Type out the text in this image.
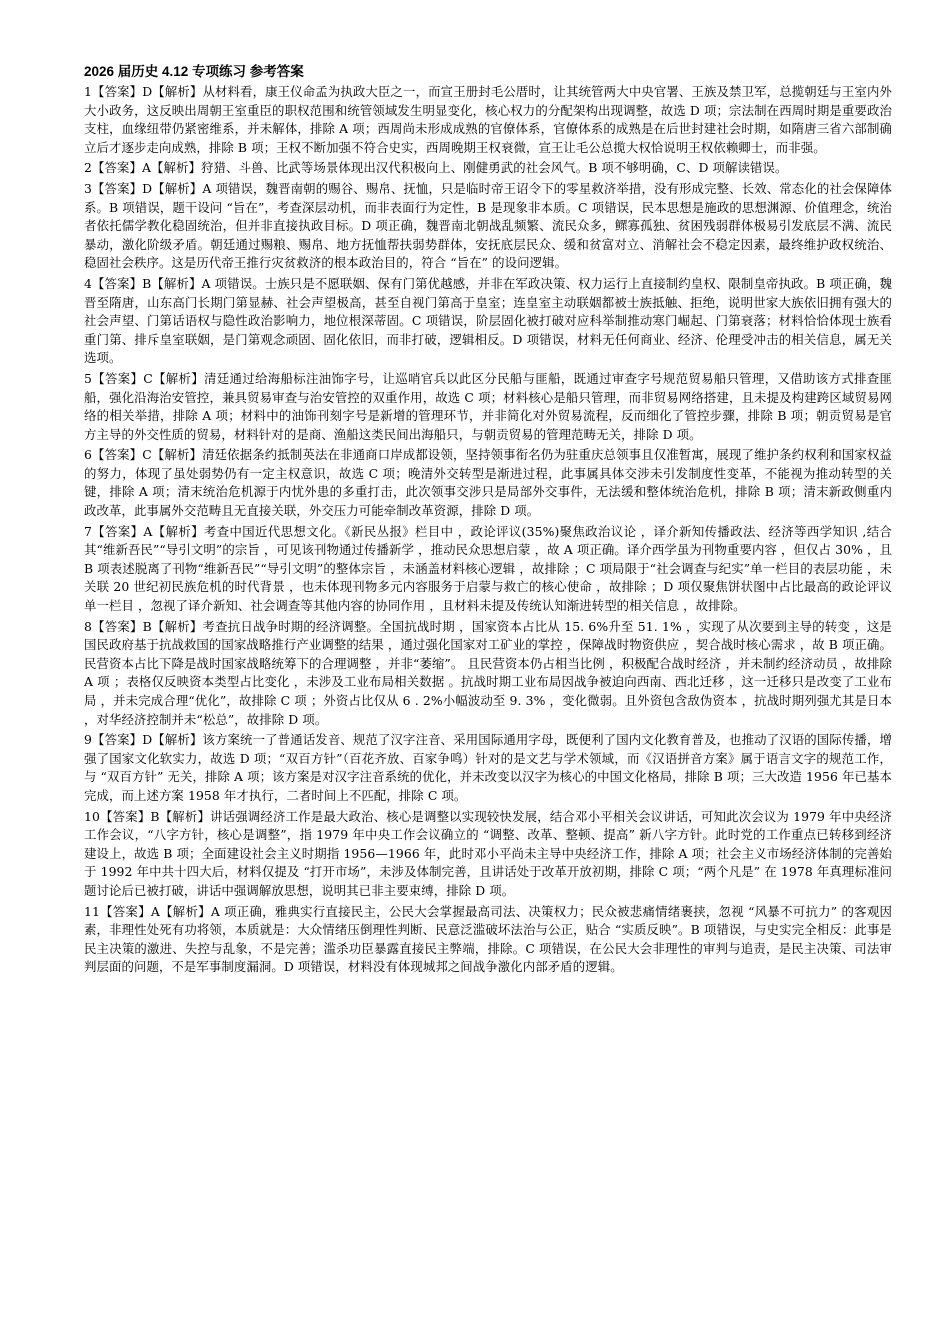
2026 届历史 4.12 专项练习 参考答案

1【答案】D【解析】从材料看，康王仪命孟为执政大臣之一，而宣王册封毛公厝时，让其统管两大中央官署、王族及禁卫军，总揽朝廷与王室内外大小政务，这反映出周朝王室重臣的职权范围和统管领域发生明显变化，核心权力的分配架构出现调整，故选 D 项；宗法制在西周时期是重要政治支柱，血缘纽带仍紧密维系，并未解体，排除 A 项；西周尚未形成成熟的官僚体系，官僚体系的成熟是在后世封建社会时期，如隋唐三省六部制确立后才逐步走向成熟，排除 B 项；王权不断加强不符合史实，西周晚期王权衰微，宣王让毛公总揽大权恰说明王权依赖卿士，而非强。

2【答案】A【解析】狩猎、斗兽、比武等场景体现出汉代积极向上、刚健勇武的社会风气。B 项不够明确，C、D 项解读错误。

3【答案】D【解析】A 项错误，魏晋南朝的赐谷、赐帛、抚恤，只是临时帝王诏令下的零星救济举措，没有形成完整、长效、常态化的社会保障体系。B 项错误，题干设问 “旨在”，考查深层动机，而非表面行为定性，B 是现象非本质。C 项错误，民本思想是施政的思想渊源、价值理念，统治者依托儒学教化稳固统治，但并非直接执政目标。D 项正确，魏晋南北朝战乱频繁、流民众多，鳏寡孤独、贫困残弱群体极易引发底层不满、流民暴动，激化阶级矛盾。朝廷通过赐粮、赐帛、地方抚恤帮扶弱势群体，安抚底层民众、缓和贫富对立、消解社会不稳定因素，最终维护政权统治、稳固社会秩序。这是历代帝王推行灾贫救济的根本政治目的，符合 “旨在” 的设问逻辑。

4【答案】B【解析】A 项错误。士族只是不愿联姻、保有门第优越感，并非在军政决策、权力运行上直接制约皇权、限制皇帝执政。B 项正确，魏晋至隋唐，山东高门长期门第显赫、社会声望极高，甚至自视门第高于皇室；连皇室主动联姻都被士族抵触、拒绝，说明世家大族依旧拥有强大的社会声望、门第话语权与隐性政治影响力，地位根深蒂固。C 项错误，阶层固化被打破对应科举制推动寒门崛起、门第衰落；材料恰恰体现士族看重门第、排斥皇室联姻，是门第观念顽固、固化依旧，而非打破，逻辑相反。D 项错误，材料无任何商业、经济、伦理受冲击的相关信息，属无关选项。

5【答案】C【解析】清廷通过给海船标注油饰字号，让巡哨官兵以此区分民船与匪船，既通过审查字号规范贸易船只管理，又借助该方式排查匪船，强化沿海治安管控，兼具贸易审查与治安管控的双重作用，故选 C 项；材料核心是船只管理，而非贸易网络搭建，且未提及构建跨区域贸易网络的相关举措，排除 A 项；材料中的油饰刊刻字号是新增的管理环节，并非简化对外贸易流程，反而细化了管控步骤，排除 B 项；朝贡贸易是官方主导的外交性质的贸易，材料针对的是商、渔船这类民间出海船只，与朝贡贸易的管理范畴无关，排除 D 项。

6【答案】C【解析】清廷依据条约抵制英法在非通商口岸成都设领，坚持领事衔名仍为驻重庆总领事且仅准暂寓，展现了维护条约权利和国家权益的努力，体现了虽处弱势仍有一定主权意识，故选 C 项；晚清外交转型是渐进过程，此事属具体交涉未引发制度性变革，不能视为推动转型的关键，排除 A 项；清末统治危机源于内忧外患的多重打击，此次领事交涉只是局部外交事件，无法缓和整体统治危机，排除 B 项；清末新政侧重内政改革，此事属外交范畴且无直接关联，外交压力可能牵制改革资源，排除 D 项。

7【答案】A【解析】考查中国近代思想文化。《新民丛报》栏目中 ，政论评议(35%)聚焦政治议论 ，译介新知传播政法、经济等西学知识 ,结合其“维新吾民”“导引文明”的宗旨 ，可见该刊物通过传播新学 ，推动民众思想启蒙 ，故 A 项正确。译介西学虽为刊物重要内容 ，但仅占 30% ，且 B 项表述脱离了刊物“维新吾民”“导引文明”的整体宗旨 ，未涵盖材料核心逻辑 ，故排除 ；C 项局限于“社会调查与纪实”单一栏目的表层功能 ，未关联 20 世纪初民族危机的时代背景 ，也未体现刊物多元内容服务于启蒙与救亡的核心使命 ，故排除 ；D 项仅聚焦饼状图中占比最高的政论评议单一栏目 ，忽视了译介新知、社会调查等其他内容的协同作用 ，且材料未提及传统认知渐进转型的相关信息 ，故排除。

8【答案】B【解析】考查抗日战争时期的经济调整。全国抗战时期 ，国家资本占比从 15. 6%升至 51. 1% ，实现了从次要到主导的转变 ，这是国民政府基于抗战救国的国家战略推行产业调整的结果 ，通过强化国家对工矿业的掌控 ，保障战时物资供应 ，契合战时核心需求 ，故 B 项正确。 民营资本占比下降是战时国家战略统筹下的合理调整 ，并非“萎缩”。 且民营资本仍占相当比例 ，积极配合战时经济 ，并未制约经济动员 ，故排除 A 项 ；表格仅反映资本类型占比变化 ，未涉及工业布局相关数据 。抗战时期工业布局因战争被迫向西南、西北迁移 ，这一迁移只是改变了工业布局 ，并未完成合理“优化”，故排除 C 项 ；外资占比仅从 6 . 2%小幅波动至 9. 3% ，变化微弱。且外资包含敌伪资本 ，抗战时期列强尤其是日本 ，对华经济控制并未“松总”，故排除 D 项。

9【答案】D【解析】该方案统一了普通话发音、规范了汉字注音、采用国际通用字母，既便利了国内文化教育普及，也推动了汉语的国际传播，增强了国家文化软实力，故选 D 项；“双百方针”（百花齐放、百家争鸣）针对的是文艺与学术领域，而《汉语拼音方案》属于语言文字的规范工作，与 “双百方针” 无关，排除 A 项；该方案是对汉字注音系统的优化，并未改变以汉字为核心的中国文化格局，排除 B 项；三大改造 1956 年已基本完成，而上述方案 1958 年才执行，二者时间上不匹配，排除 C 项。

10【答案】B【解析】讲话强调经济工作是最大政治、核心是调整以实现较快发展，结合邓小平相关会议讲话，可知此次会议为 1979 年中央经济工作会议，“八字方针，核心是调整”，指 1979 年中央工作会议确立的 “调整、改革、整顿、提高” 新八字方针。此时党的工作重点已转移到经济建设上，故选 B 项；全面建设社会主义时期指 1956—1966 年，此时邓小平尚未主导中央经济工作，排除 A 项；社会主义市场经济体制的完善始于 1992 年中共十四大后，材料仅提及 “打开市场”，未涉及体制完善，且讲话处于改革开放初期，排除 C 项；“两个凡是” 在 1978 年真理标准问题讨论后已被打破，讲话中强调解放思想，说明其已非主要束缚，排除 D 项。

11【答案】A【解析】A 项正确，雅典实行直接民主，公民大会掌握最高司法、决策权力；民众被悲痛情绪裹挟，忽视 “风暴不可抗力” 的客观因素，非理性处死有功将领，本质就是：大众情绪压倒理性判断、民意泛滥破坏法治与公正，贴合 “实质反映”。B 项错误，与史实完全相反：此事是民主决策的激进、失控与乱象，不是完善；滥杀功臣暴露直接民主弊端，排除。C 项错误，在公民大会非理性的审判与追责，是民主决策、司法审判层面的问题，不是军事制度漏洞。D 项错误，材料没有体现城邦之间战争激化内部矛盾的逻辑。
